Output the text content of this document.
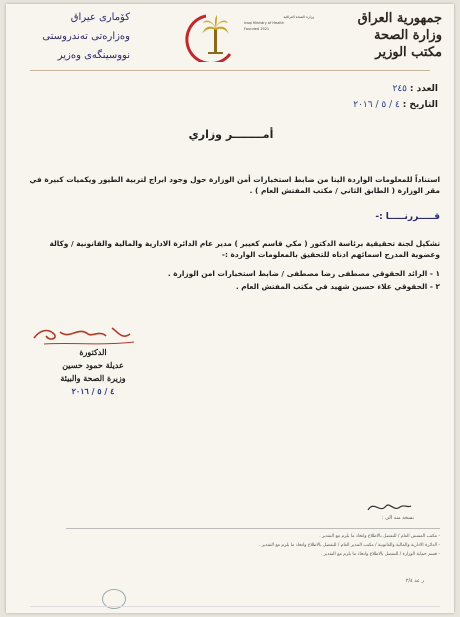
كۆماری عیراق
وەزارەتی تەندروستی
نووسینگەی وەزیر
وزارة الصحة العراقية
Iraqi Ministry of Health
Founded 1921
جمهورية العراق
وزارة الصحة
مكتب الوزير
العدد : ٢٤٥
التاريخ : ٤ / ٥ / ٢٠١٦
أمــــــــر وزاري
استناداً للمعلومات الواردة الينا من ضابط استخبارات أمن الوزارة حول وجود ابراج لتربية الطيور ويكميات كبيرة في مقر الوزارة ( الطابق الثاني / مكتب المفتش العام ) .
قـــــررنـــــا :-
تشكيل لجنة تحقيقية برئاسة الدكتور ( مكي قاسم كعيبر ) مدير عام الدائرة الادارية والمالية والقانونية / وكالة وعضوية المدرج اسمائهم ادناه للتحقيق بالمعلومات الواردة :-
١ - الرائد الحقوقي مصطفى رضا مصطفى / ضابط استخبارات امن الوزارة .
٢ - الحقوقي علاء حسين شهيد في مكتب المفتش العام .
الدكتورة
عديلة حمود حسين
وزيرة الصحة والبيئة
٤ / ٥ / ٢٠١٦
نسخة منه الى :
- مكتب المفتش العام / للتفضل بالاطلاع واتخاذ ما يلزم مع التقدير .
- الدائرة الادارية والمالية والقانونية / مكتب المدير العام / للتفضل بالاطلاع واتخاذ ما يلزم مع التقدير .
- قسم حماية الوزارة / للتفضل بالاطلاع واتخاذ ما يلزم مع التقدير .
ر عد ٢/٤
